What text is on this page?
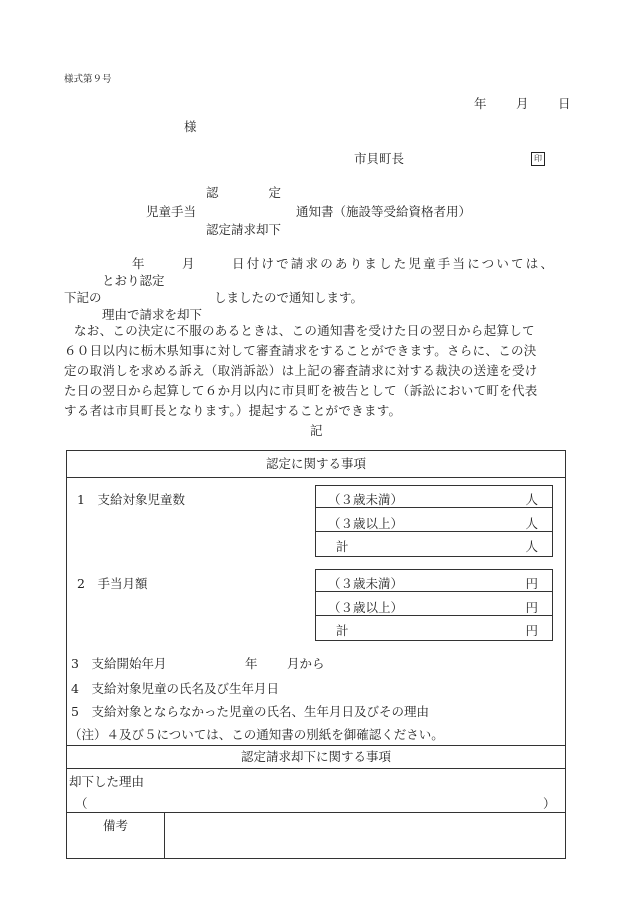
様式第９号
年 月 日
様
市貝町長	印
認　　　　定
児童手当	通知書（施設等受給資格者用）
認定請求却下
年	月	日付けで請求のありました児童手当については、
とおり認定
下記の	しましたので通知します。
理由で請求を却下
なお、この決定に不服のあるときは、この通知書を受けた日の翌日から起算して
６０日以内に栃木県知事に対して審査請求をすることができます。さらに、この決
定の取消しを求める訴え（取消訴訟）は上記の審査請求に対する裁決の送達を受け
た日の翌日から起算して６か月以内に市貝町を被告として（訴訟において町を代表
する者は市貝町長となります。）提起することができます。
記
認定に関する事項
1　支給対象児童数	（３歳未満）	人
（３歳以上）	人
計	人
2　手当月額	（３歳未満）	円
（３歳以上）	円
計	円
3　支給開始年月	年 月から
4　支給対象児童の氏名及び生年月日
5　支給対象とならなかった児童の氏名、生年月日及びその理由
（注）４及び５については、この通知書の別紙を御確認ください。
認定請求却下に関する事項
却下した理由
（	）
備考
